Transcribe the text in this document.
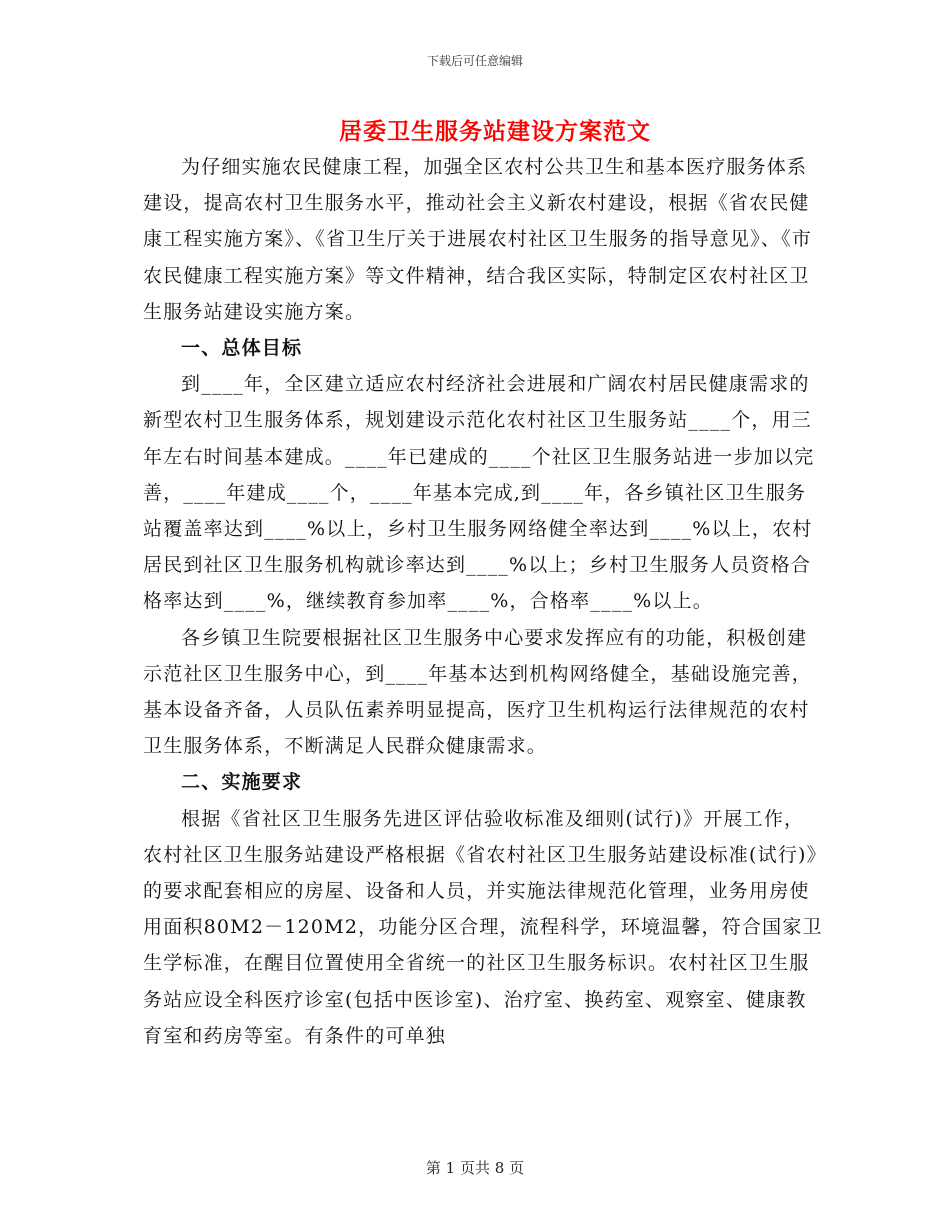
下载后可任意编辑
居委卫生服务站建设方案范文

为仔细实施农民健康工程，加强全区农村公共卫生和基本医疗服务体系建设，提高农村卫生服务水平，推动社会主义新农村建设，根据《省农民健康工程实施方案》、《省卫生厅关于进展农村社区卫生服务的指导意见》、《市农民健康工程实施方案》等文件精神，结合我区实际，特制定区农村社区卫生服务站建设实施方案。

一、总体目标

到____年，全区建立适应农村经济社会进展和广阔农村居民健康需求的新型农村卫生服务体系，规划建设示范化农村社区卫生服务站____个，用三年左右时间基本建成。____年已建成的____个社区卫生服务站进一步加以完善，____年建成____个，____年基本完成,到____年，各乡镇社区卫生服务站覆盖率达到____%以上，乡村卫生服务网络健全率达到____%以上，农村居民到社区卫生服务机构就诊率达到____%以上；乡村卫生服务人员资格合格率达到____%，继续教育参加率____%，合格率____%以上。

各乡镇卫生院要根据社区卫生服务中心要求发挥应有的功能，积极创建示范社区卫生服务中心，到____年基本达到机构网络健全，基础设施完善，基本设备齐备，人员队伍素养明显提高，医疗卫生机构运行法律规范的农村卫生服务体系，不断满足人民群众健康需求。

二、实施要求

根据《省社区卫生服务先进区评估验收标准及细则(试行)》开展工作，农村社区卫生服务站建设严格根据《省农村社区卫生服务站建设标准(试行)》的要求配套相应的房屋、设备和人员，并实施法律规范化管理，业务用房使用面积80M2－120M2，功能分区合理，流程科学，环境温馨，符合国家卫生学标准，在醒目位置使用全省统一的社区卫生服务标识。农村社区卫生服务站应设全科医疗诊室(包括中医诊室)、治疗室、换药室、观察室、健康教育室和药房等室。有条件的可单独

第 1 页共 8 页
